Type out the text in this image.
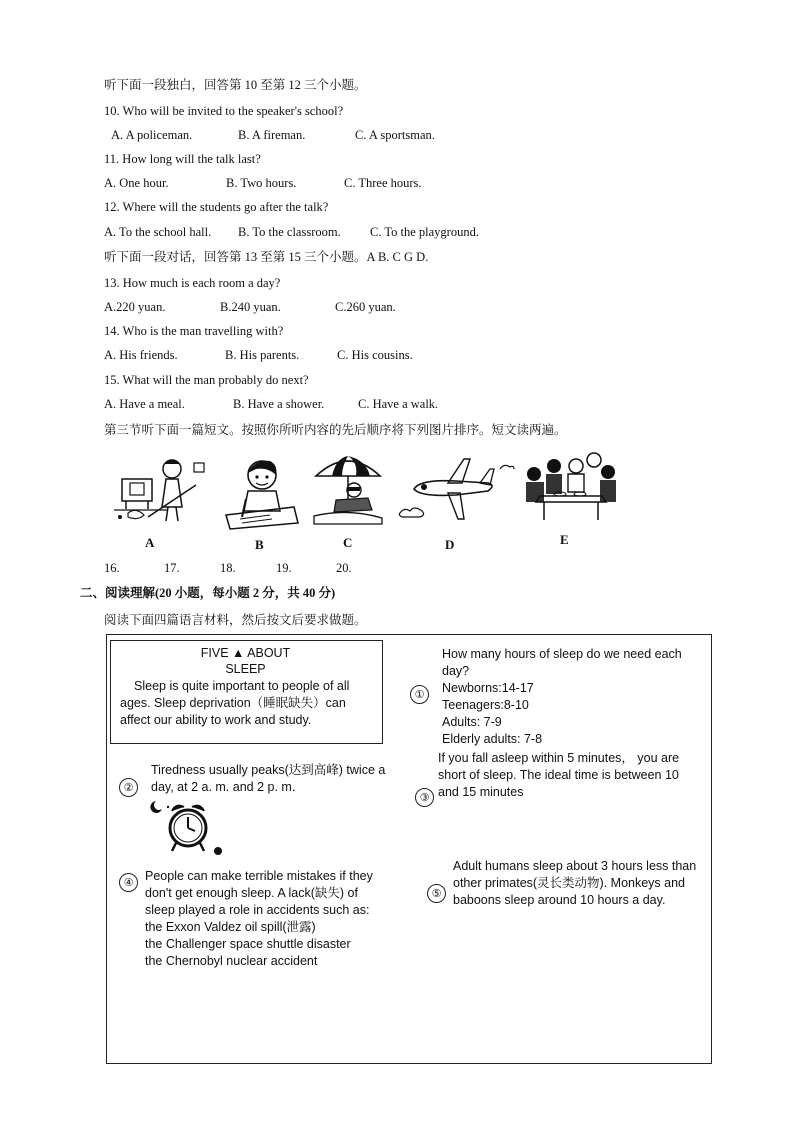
听下面一段独白，回答第 10 至第 12 三个小题。
10. Who will be invited to the speaker's school?
A. A policeman.	B. A fireman.	C. A sportsman.
11. How long will the talk last?
A. One hour.	B. Two hours.	C. Three hours.
12. Where will the students go after the talk?
A. To the school hall. B. To the classroom. C. To the playground.
听下面一段对话，回答第 13 至第 15 三个小题。A B. C G D.
13. How much is each room a day?
A.220 yuan.	B.240 yuan.	C.260 yuan.
14. Who is the man travelling with?
A. His friends.	B. His parents.	C. His cousins.
15. What will the man probably do next?
A. Have a meal.	B. Have a shower.	C. Have a walk.
第三节听下面一篇短文。按照你所听内容的先后顺序将下列图片排序。短文读两遍。
A	B	C	D	E
16.	17.	18.	19.	20.
二、阅读理解(20 小题，每小题 2 分，共 40 分)
阅读下面四篇语言材料，然后按文后要求做题。
FIVE ▲ ABOUT
SLEEP
Sleep is quite important to people of all
ages. Sleep deprivation（睡眠缺失）can
affect our ability to work and study.
①
How many hours of sleep do we need each
day?
Newborns:14-17
Teenagers:8-10
Adults: 7-9
Elderly adults: 7-8
②
Tiredness usually peaks(达到高峰) twice a
day, at 2 a. m. and 2 p. m.
③
If you fall asleep within 5 minutes， you are
short of sleep. The ideal time is between 10
and 15 minutes
④ People can make terrible mistakes if they
don't get enough sleep. A lack(缺失) of
sleep played a role in accidents such as:
the Exxon Valdez oil spill(泄露)
the Challenger space shuttle disaster
the Chernobyl nuclear accident
⑤
Adult humans sleep about 3 hours less than
other primates(灵长类动物). Monkeys and
baboons sleep around 10 hours a day.
